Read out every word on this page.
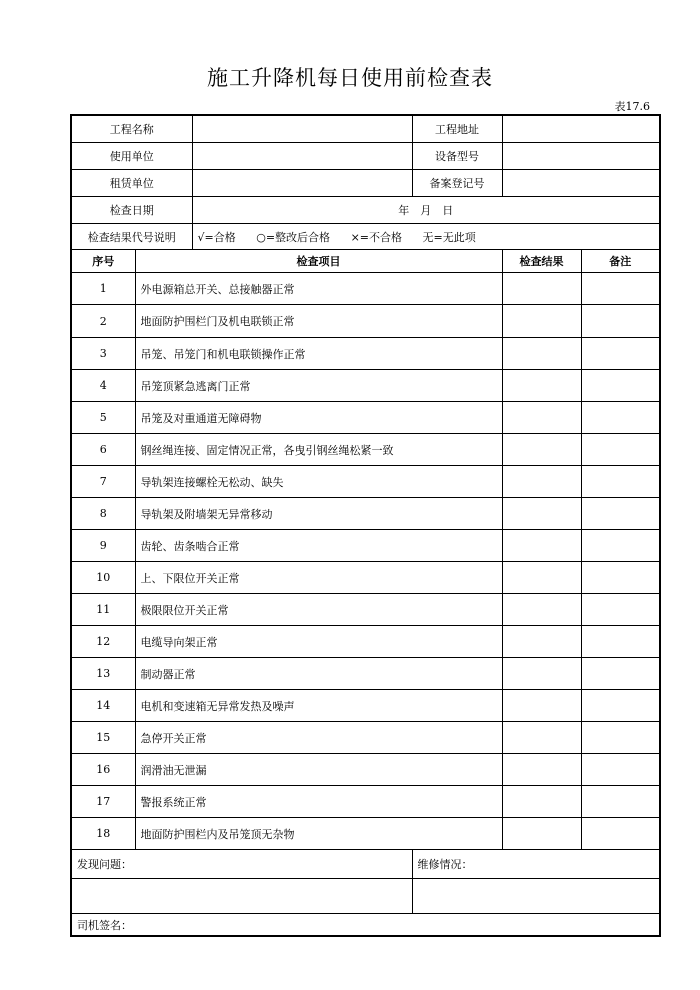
施工升降机每日使用前检查表
表17.6
工程名称			工程地址		
使用单位			设备型号		
租赁单位			备案登记号		
检查日期		年　月　日			
检查结果代号说明		√=合格 ○=整改后合格 ×=不合格 无=无此项			
序号	检查项目			检查结果	备注
1	外电源箱总开关、总接触器正常				
2	地面防护围栏门及机电联锁正常				
3	吊笼、吊笼门和机电联锁操作正常				
4	吊笼顶紧急逃离门正常				
5	吊笼及对重通道无障碍物				
6	钢丝绳连接、固定情况正常，各曳引钢丝绳松紧一致				
7	导轨架连接螺栓无松动、缺失				
8	导轨架及附墙架无异常移动				
9	齿轮、齿条啮合正常				
10	上、下限位开关正常				
11	极限限位开关正常				
12	电缆导向架正常				
13	制动器正常				
14	电机和变速箱无异常发热及噪声				
15	急停开关正常				
16	润滑油无泄漏				
17	警报系统正常				
18	地面防护围栏内及吊笼顶无杂物				
发现问题：			维修情况：		

司机签名：					
